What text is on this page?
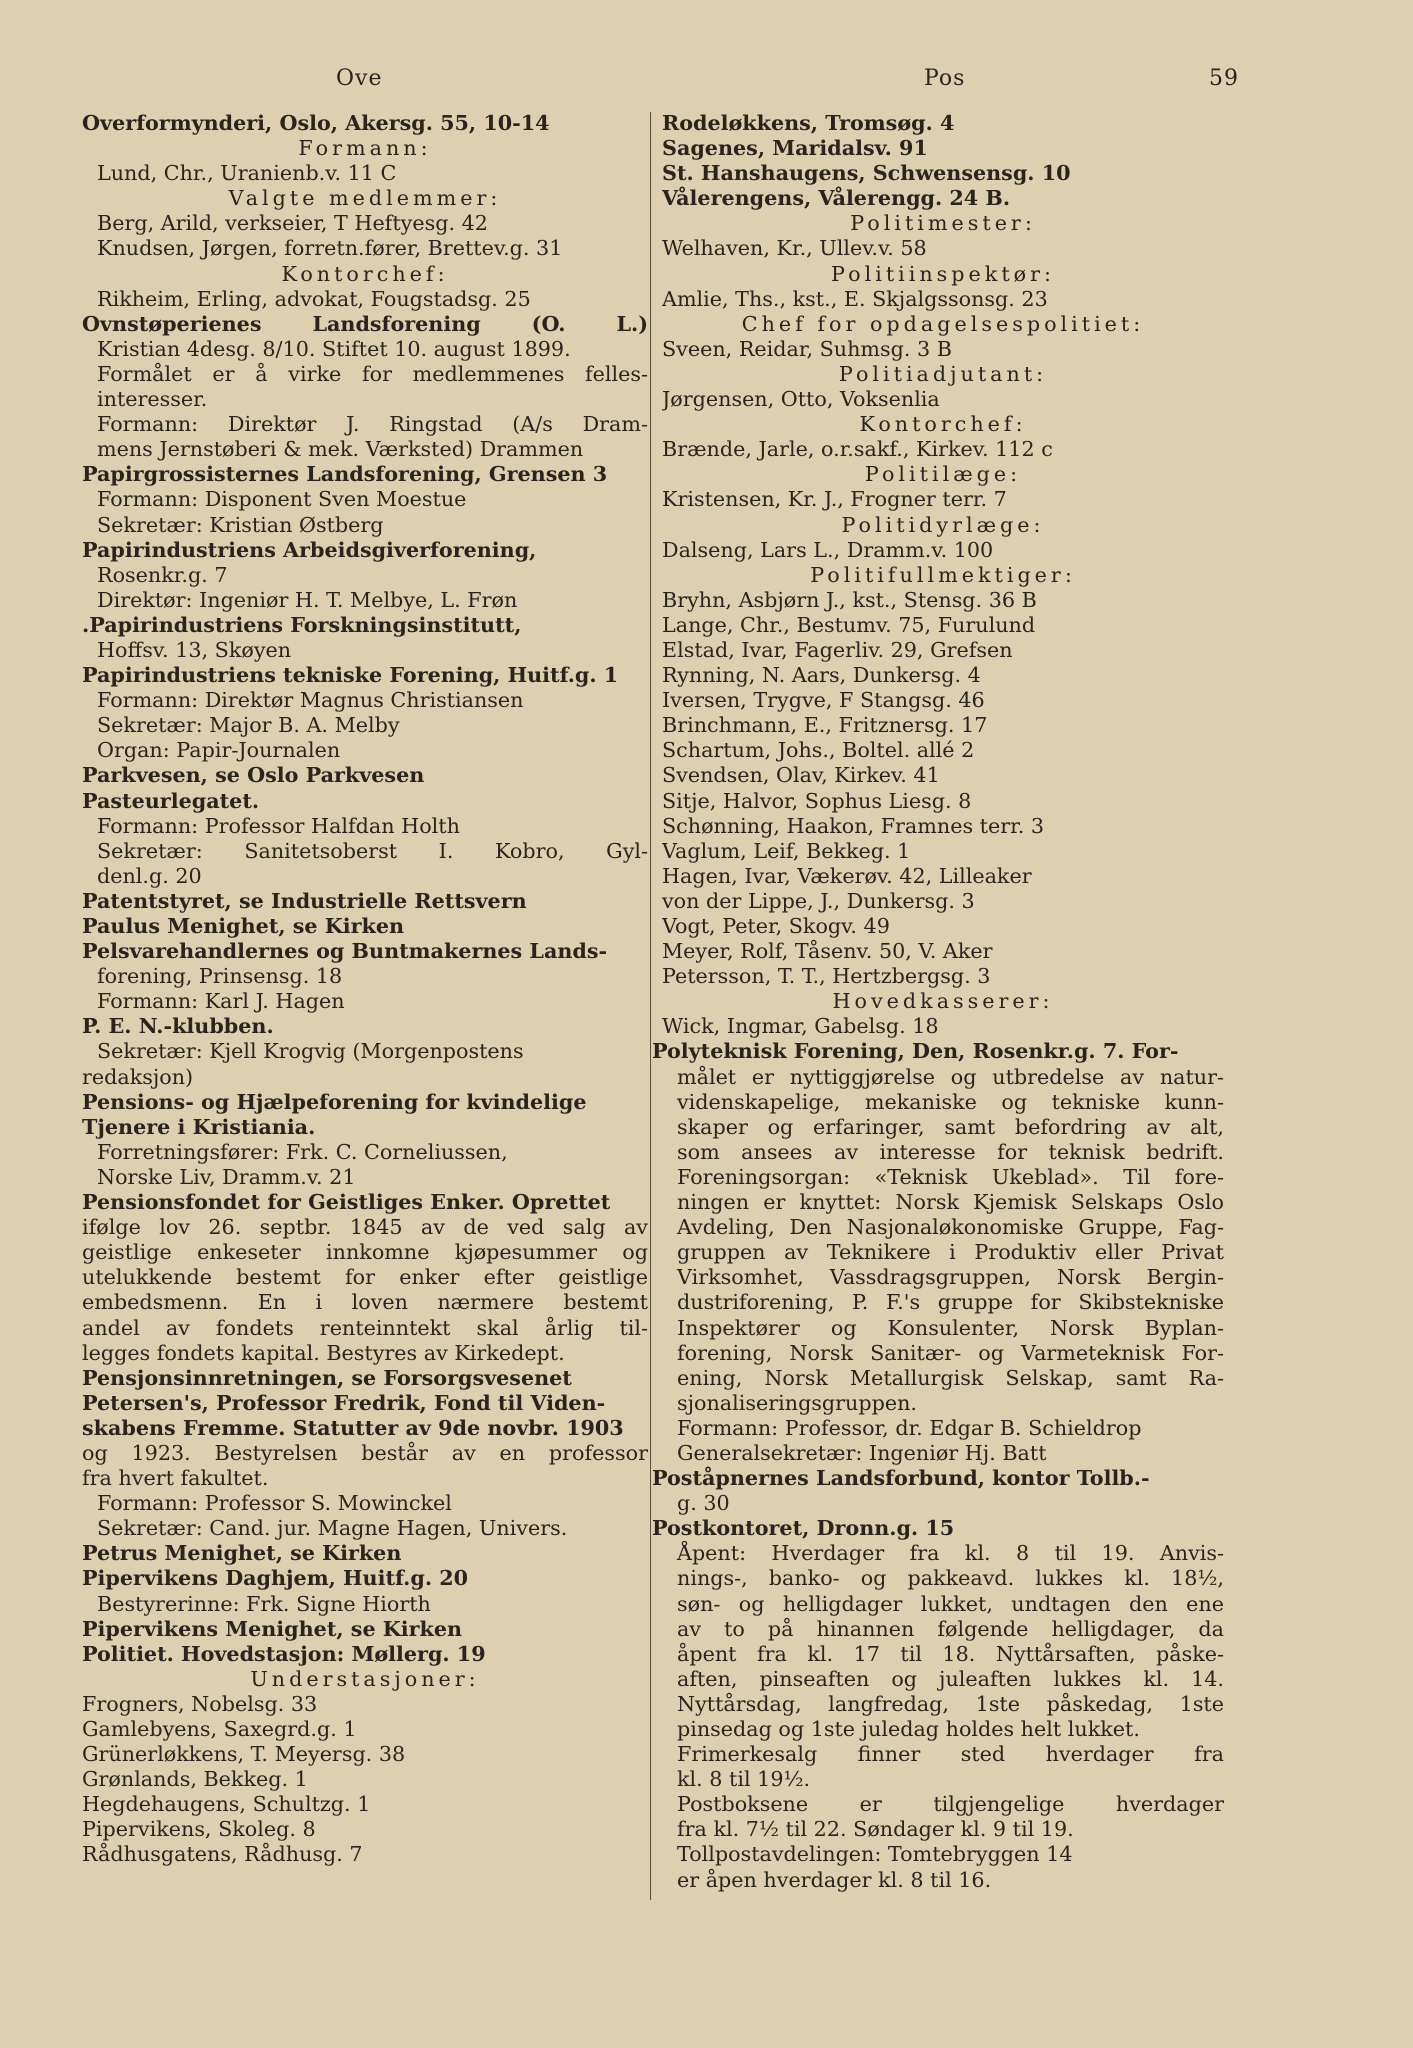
Ove	Pos	59
Overformynderi, Oslo, Akersg. 55, 10-14
Formann:
Lund, Chr., Uranienb.v. 11 C
Valgte medlemmer:
Berg, Arild, verkseier, T Heftyesg. 42
Knudsen, Jørgen, forretn.fører, Brettev.g. 31
Kontorchef:
Rikheim, Erling, advokat, Fougstadsg. 25
Ovnstøperienes Landsforening (O. L.)
Kristian 4desg. 8/10. Stiftet 10. august 1899.
Formålet er å virke for medlemmenes felles-
interesser.
Formann: Direktør J. Ringstad (A/s Dram-
mens Jernstøberi & mek. Værksted) Drammen
Papirgrossisternes Landsforening, Grensen 3
Formann: Disponent Sven Moestue
Sekretær: Kristian Østberg
Papirindustriens Arbeidsgiverforening,
Rosenkr.g. 7
Direktør: Ingeniør H. T. Melbye, L. Frøn
.Papirindustriens Forskningsinstitutt,
Hoffsv. 13, Skøyen
Papirindustriens tekniske Forening, Huitf.g. 1
Formann: Direktør Magnus Christiansen
Sekretær: Major B. A. Melby
Organ: Papir-Journalen
Parkvesen, se Oslo Parkvesen
Pasteurlegatet.
Formann: Professor Halfdan Holth
Sekretær: Sanitetsoberst I. Kobro, Gyl-
denl.g. 20
Patentstyret, se Industrielle Rettsvern
Paulus Menighet, se Kirken
Pelsvarehandlernes og Buntmakernes Lands-
forening, Prinsensg. 18
Formann: Karl J. Hagen
P. E. N.-klubben.
Sekretær: Kjell Krogvig (Morgenpostens
redaksjon)
Pensions- og Hjælpeforening for kvindelige
Tjenere i Kristiania.
Forretningsfører: Frk. C. Corneliussen,
Norske Liv, Dramm.v. 21
Pensionsfondet for Geistliges Enker. Oprettet
ifølge lov 26. septbr. 1845 av de ved salg av
geistlige enkeseter innkomne kjøpesummer og
utelukkende bestemt for enker efter geistlige
embedsmenn. En i loven nærmere bestemt
andel av fondets renteinntekt skal årlig til-
legges fondets kapital. Bestyres av Kirkedept.
Pensjonsinnretningen, se Forsorgsvesenet
Petersen's, Professor Fredrik, Fond til Viden-
skabens Fremme. Statutter av 9de novbr. 1903
og 1923. Bestyrelsen består av en professor
fra hvert fakultet.
Formann: Professor S. Mowinckel
Sekretær: Cand. jur. Magne Hagen, Univers.
Petrus Menighet, se Kirken
Pipervikens Daghjem, Huitf.g. 20
Bestyrerinne: Frk. Signe Hiorth
Pipervikens Menighet, se Kirken
Politiet. Hovedstasjon: Møllerg. 19
Understasjoner:
Frogners, Nobelsg. 33
Gamlebyens, Saxegrd.g. 1
Grünerløkkens, T. Meyersg. 38
Grønlands, Bekkeg. 1
Hegdehaugens, Schultzg. 1
Pipervikens, Skoleg. 8
Rådhusgatens, Rådhusg. 7
Rodeløkkens, Tromsøg. 4
Sagenes, Maridalsv. 91
St. Hanshaugens, Schwensensg. 10
Vålerengens, Vålerengg. 24 B.
Politimester:
Welhaven, Kr., Ullev.v. 58
Politiinspektør:
Amlie, Ths., kst., E. Skjalgssonsg. 23
Chef for opdagelsespolitiet:
Sveen, Reidar, Suhmsg. 3 B
Politiadjutant:
Jørgensen, Otto, Voksenlia
Kontorchef:
Brænde, Jarle, o.r.sakf., Kirkev. 112 c
Politilæge:
Kristensen, Kr. J., Frogner terr. 7
Politidyrlæge:
Dalseng, Lars L., Dramm.v. 100
Politifullmektiger:
Bryhn, Asbjørn J., kst., Stensg. 36 B
Lange, Chr., Bestumv. 75, Furulund
Elstad, Ivar, Fagerliv. 29, Grefsen
Rynning, N. Aars, Dunkersg. 4
Iversen, Trygve, F Stangsg. 46
Brinchmann, E., Fritznersg. 17
Schartum, Johs., Boltel. allé 2
Svendsen, Olav, Kirkev. 41
Sitje, Halvor, Sophus Liesg. 8
Schønning, Haakon, Framnes terr. 3
Vaglum, Leif, Bekkeg. 1
Hagen, Ivar, Vækerøv. 42, Lilleaker
von der Lippe, J., Dunkersg. 3
Vogt, Peter, Skogv. 49
Meyer, Rolf, Tåsenv. 50, V. Aker
Petersson, T. T., Hertzbergsg. 3
Hovedkasserer:
Wick, Ingmar, Gabelsg. 18
Polyteknisk Forening, Den, Rosenkr.g. 7. For-
målet er nyttiggjørelse og utbredelse av natur-
videnskapelige, mekaniske og tekniske kunn-
skaper og erfaringer, samt befordring av alt,
som ansees av interesse for teknisk bedrift.
Foreningsorgan: «Teknisk Ukeblad». Til fore-
ningen er knyttet: Norsk Kjemisk Selskaps Oslo
Avdeling, Den Nasjonaløkonomiske Gruppe, Fag-
gruppen av Teknikere i Produktiv eller Privat
Virksomhet, Vassdragsgruppen, Norsk Bergin-
dustriforening, P. F.'s gruppe for Skibstekniske
Inspektører og Konsulenter, Norsk Byplan-
forening, Norsk Sanitær- og Varmeteknisk For-
ening, Norsk Metallurgisk Selskap, samt Ra-
sjonaliseringsgruppen.
Formann: Professor, dr. Edgar B. Schieldrop
Generalsekretær: Ingeniør Hj. Batt
Poståpnernes Landsforbund, kontor Tollb.-
g. 30
Postkontoret, Dronn.g. 15
Åpent: Hverdager fra kl. 8 til 19. Anvis-
nings-, banko- og pakkeavd. lukkes kl. 18½,
søn- og helligdager lukket, undtagen den ene
av to på hinannen følgende helligdager, da
åpent fra kl. 17 til 18. Nyttårsaften, påske-
aften, pinseaften og juleaften lukkes kl. 14.
Nyttårsdag, langfredag, 1ste påskedag, 1ste
pinsedag og 1ste juledag holdes helt lukket.
Frimerkesalg finner sted hverdager fra
kl. 8 til 19½.
Postboksene er tilgjengelige hverdager
fra kl. 7½ til 22. Søndager kl. 9 til 19.
Tollpostavdelingen: Tomtebryggen 14
er åpen hverdager kl. 8 til 16.
